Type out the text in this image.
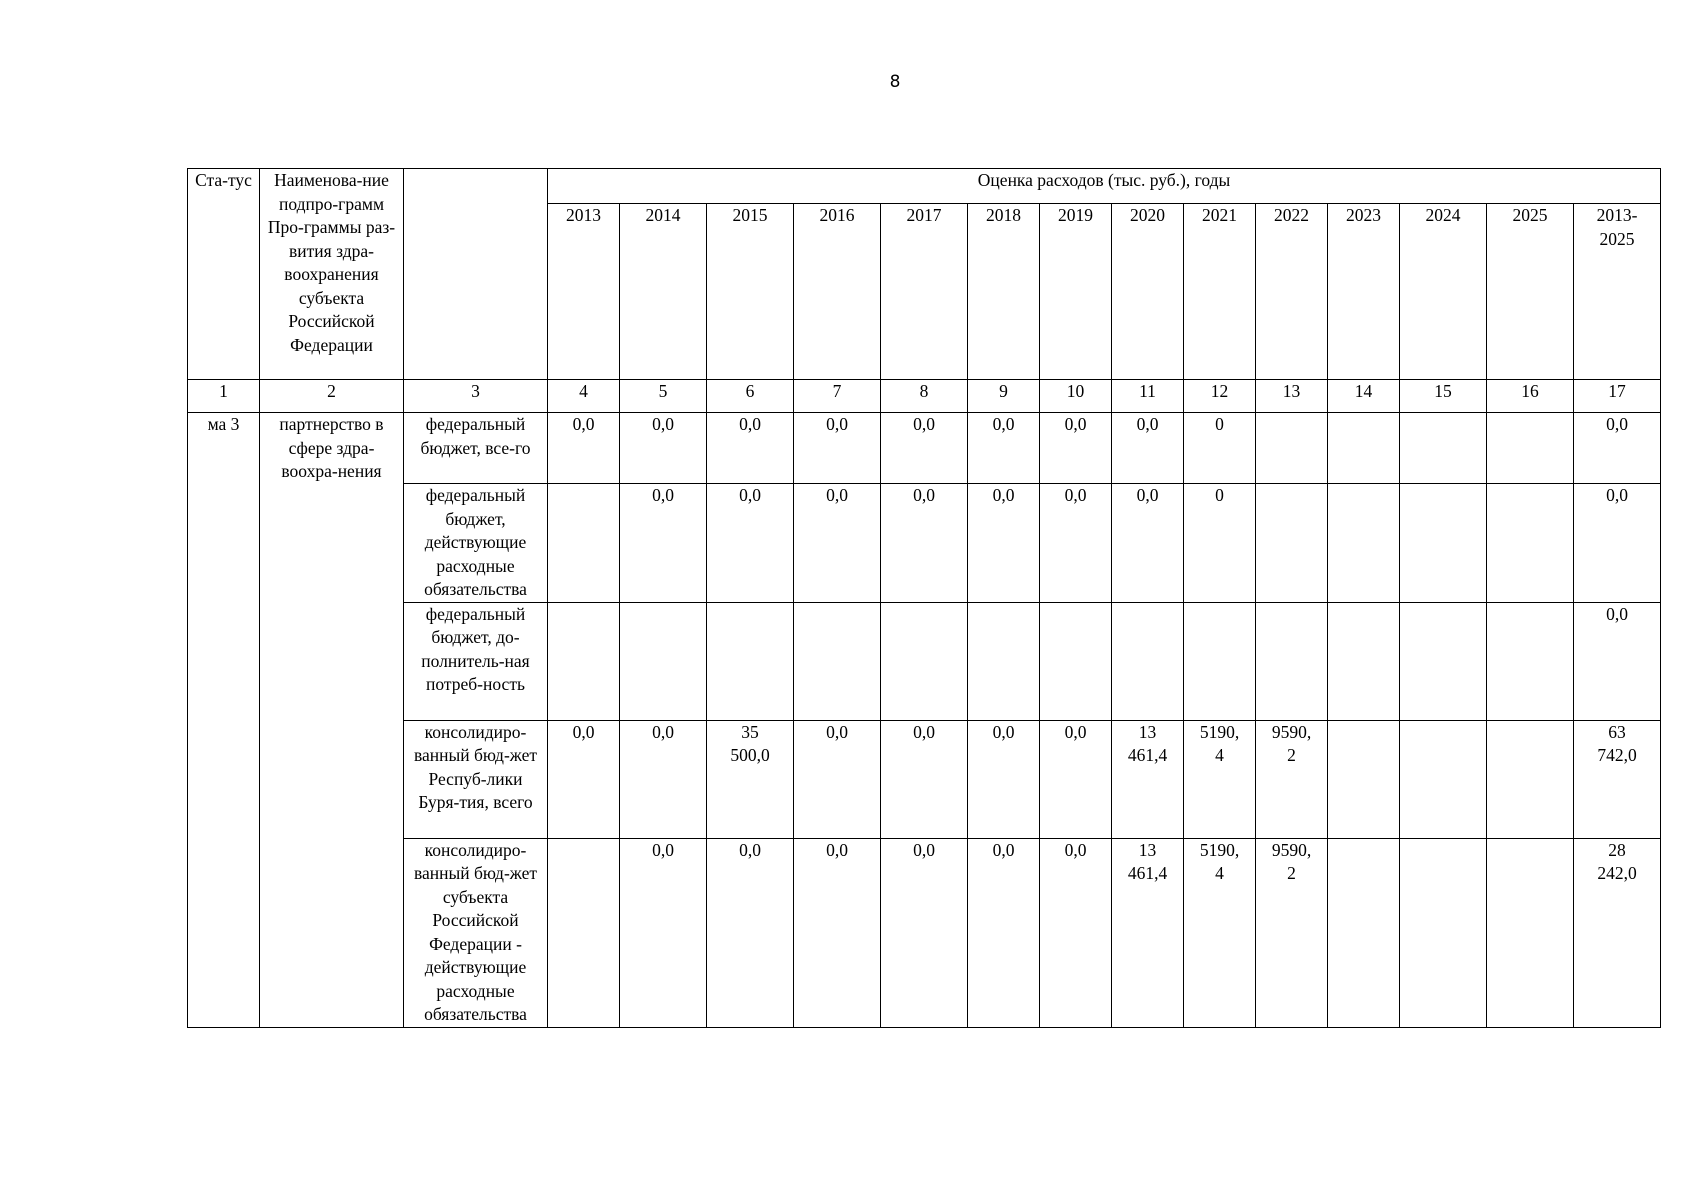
8
Ста-тус	Наименова-ние подпро-грамм Про-граммы раз-вития здра-воохранения субъекта Российской Федерации		Оценка расходов (тыс. руб.), годы													
			2013	2014	2015	2016	2017	2018	2019	2020	2021	2022	2023	2024	2025	2013-
2025
1	2	3	4	5	6	7	8	9	10	11	12	13	14	15	16	17
ма 3	партнерство в сфере здра-воохра-нения	федеральный бюджет, все-го	0,0	0,0	0,0	0,0	0,0	0,0	0,0	0,0	0					0,0
		федеральный бюджет, действующие расходные обязательства		0,0	0,0	0,0	0,0	0,0	0,0	0,0	0					0,0
		федеральный бюджет, до-полнитель-ная потреб-ность														0,0
		консолидиро-ванный бюд-жет Респуб-лики Буря-тия, всего	0,0	0,0	35
500,0	0,0	0,0	0,0	0,0	13
461,4	5190,
4	9590,
2				63
742,0
		консолидиро-ванный бюд-жет субъекта Российской Федерации - действующие расходные обязательства		0,0	0,0	0,0	0,0	0,0	0,0	13
461,4	5190,
4	9590,
2				28
242,0
